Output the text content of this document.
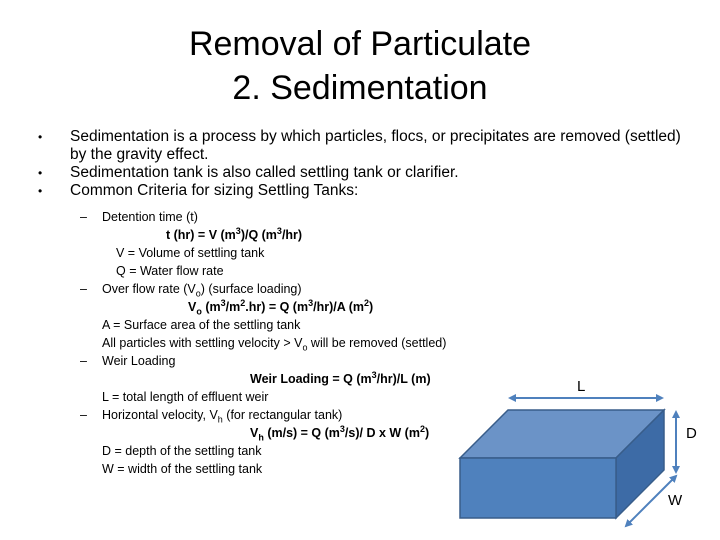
Removal of Particulate
2. Sedimentation
• Sedimentation is a process by which particles, flocs, or precipitates are removed (settled) by the gravity effect.
• Sedimentation tank is also called settling tank or clarifier.
• Common Criteria for sizing Settling Tanks:
– Detention time (t)
t (hr) = V $(m^3)/Q$ $(m^3/hr)$
V = Volume of settling tank
Q = Water flow rate
– Over flow rate $(V_o)$ (surface loading)
$V_o$ $(m^3/m^2.hr) = Q$ $(m^3/hr)/A$ $(m^2)$
A = Surface area of the settling tank
All particles with settling velocity > $V_o$ will be removed (settled)
– Weir Loading
Weir Loading = Q $(m^3/hr)/L$ (m)
L = total length of effluent weir
– Horizontal velocity, $V_h$ (for rectangular tank)
$V_h$ (m/s) = Q $(m^3/s)/$ D x W $(m^2)$
D = depth of the settling tank
W = width of the settling tank
L
D
W
